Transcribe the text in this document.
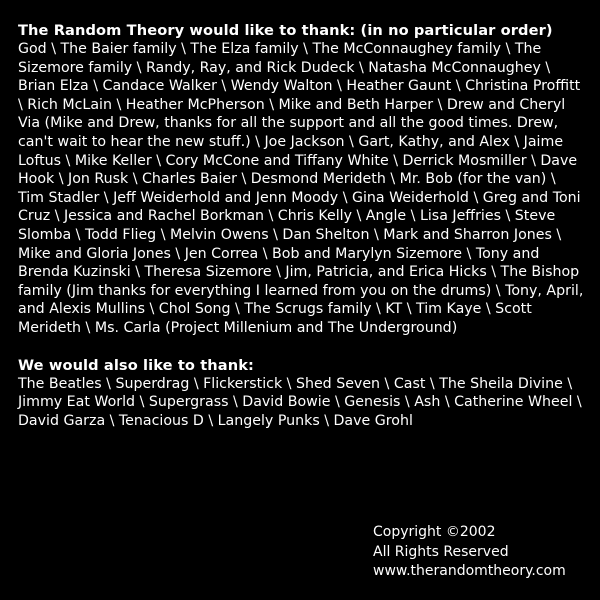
The Random Theory would like to thank: (in no particular order)

God \ The Baier family \ The Elza family \ The McConnaughey family \ The Sizemore family \ Randy, Ray, and Rick Dudeck \ Natasha McConnaughey \ Brian Elza \ Candace Walker \ Wendy Walton \ Heather Gaunt \ Christina Proffitt \ Rich McLain \ Heather McPherson \ Mike and Beth Harper \ Drew and Cheryl Via (Mike and Drew, thanks for all the support and all the good times. Drew, can't wait to hear the new stuff.) \ Joe Jackson \ Gart, Kathy, and Alex \ Jaime Loftus \ Mike Keller \ Cory McCone and Tiffany White \ Derrick Mosmiller \ Dave Hook \ Jon Rusk \ Charles Baier \ Desmond Merideth \ Mr. Bob (for the van) \ Tim Stadler \ Jeff Weiderhold and Jenn Moody \ Gina Weiderhold \ Greg and Toni Cruz \ Jessica and Rachel Borkman \ Chris Kelly \ Angle \ Lisa Jeffries \ Steve Slomba \ Todd Flieg \ Melvin Owens \ Dan Shelton \ Mark and Sharron Jones \ Mike and Gloria Jones \ Jen Correa \ Bob and Marylyn Sizemore \ Tony and Brenda Kuzinski \ Theresa Sizemore \ Jim, Patricia, and Erica Hicks \ The Bishop family (Jim thanks for everything I learned from you on the drums) \ Tony, April, and Alexis Mullins \ Chol Song \ The Scrugs family \ KT \ Tim Kaye \ Scott Merideth \ Ms. Carla (Project Millenium and The Underground)

We would also like to thank:

The Beatles \ Superdrag \ Flickerstick \ Shed Seven \ Cast \ The Sheila Divine \ Jimmy Eat World \ Supergrass \ David Bowie \ Genesis \ Ash \ Catherine Wheel \ David Garza \ Tenacious D \ Langely Punks \ Dave Grohl

Copyright ©2002
All Rights Reserved
www.therandomtheory.com
